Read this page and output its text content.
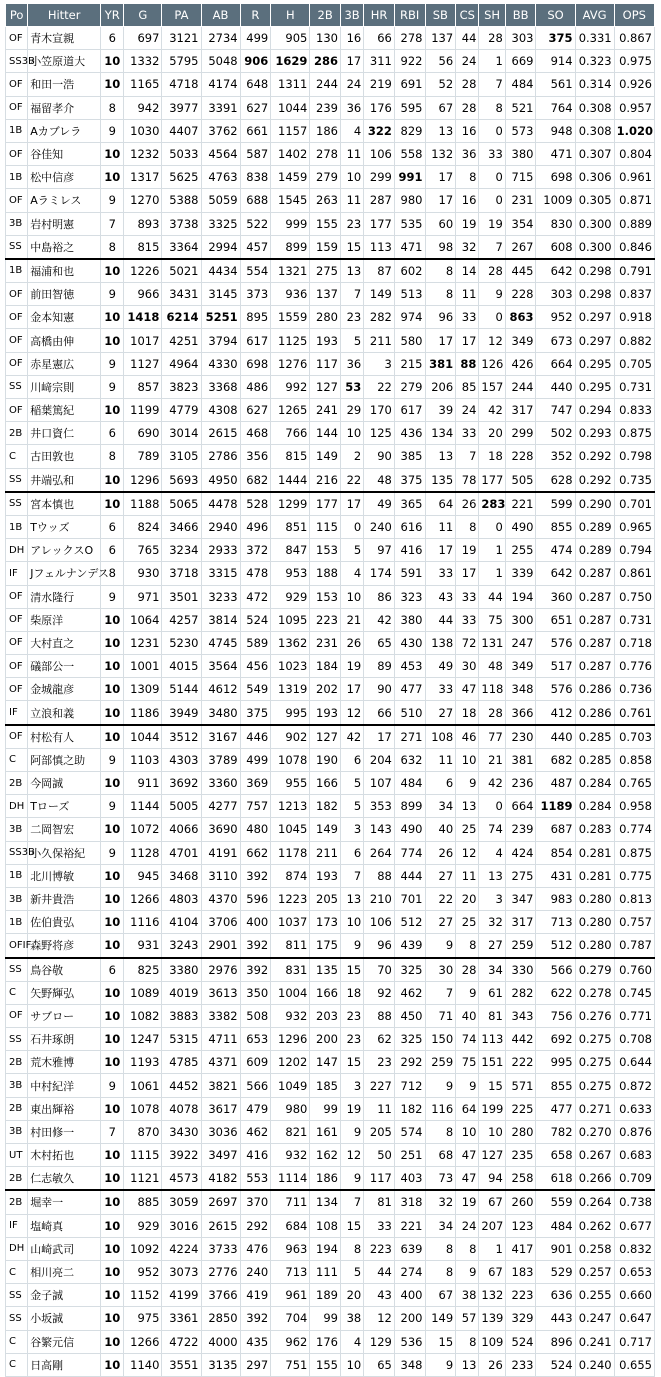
Po	Hitter	YR	G	PA	AB	R	H	2B	3B	HR	RBI	SB	CS	SH	BB	SO	AVG	OPS
OF	青木宣親	6	697	3121	2734	499	905	130	16	66	278	137	44	28	303	375	0.331	0.867
SS3B	小笠原道大	10	1332	5795	5048	906	1629	286	17	311	922	56	24	1	669	914	0.323	0.975
OF	和田一浩	10	1165	4718	4174	648	1311	244	24	219	691	52	28	7	484	561	0.314	0.926
OF	福留孝介	8	942	3977	3391	627	1044	239	36	176	595	67	28	8	521	764	0.308	0.957
1B	Aカブレラ	9	1030	4407	3762	661	1157	186	4	322	829	13	16	0	573	948	0.308	1.020
OF	谷佳知	10	1232	5033	4564	587	1402	278	11	106	558	132	36	33	380	471	0.307	0.804
1B	松中信彦	10	1317	5625	4763	838	1459	279	10	299	991	17	8	0	715	698	0.306	0.961
OF	Aラミレス	9	1270	5388	5059	688	1545	263	11	287	980	17	16	0	231	1009	0.305	0.871
3B	岩村明憲	7	893	3738	3325	522	999	155	23	177	535	60	19	19	354	830	0.300	0.889
SS	中島裕之	8	815	3364	2994	457	899	159	15	113	471	98	32	7	267	608	0.300	0.846
1B	福浦和也	10	1226	5021	4434	554	1321	275	13	87	602	8	14	28	445	642	0.298	0.791
OF	前田智徳	9	966	3431	3145	373	936	137	7	149	513	8	11	9	228	303	0.298	0.837
OF	金本知憲	10	1418	6214	5251	895	1559	280	23	282	974	96	33	0	863	952	0.297	0.918
OF	高橋由伸	10	1017	4251	3794	617	1125	193	5	211	580	17	17	12	349	673	0.297	0.882
OF	赤星憲広	9	1127	4964	4330	698	1276	117	36	3	215	381	88	126	426	664	0.295	0.705
SS	川﨑宗則	9	857	3823	3368	486	992	127	53	22	279	206	85	157	244	440	0.295	0.731
OF	稲葉篤紀	10	1199	4779	4308	627	1265	241	29	170	617	39	24	42	317	747	0.294	0.833
2B	井口資仁	6	690	3014	2615	468	766	144	10	125	436	134	33	20	299	502	0.293	0.875
C	古田敦也	8	789	3105	2786	356	815	149	2	90	385	13	7	18	228	352	0.292	0.798
SS	井端弘和	10	1296	5693	4950	682	1444	216	22	48	375	135	78	177	505	628	0.292	0.735
SS	宮本慎也	10	1188	5065	4478	528	1299	177	17	49	365	64	26	283	221	599	0.290	0.701
1B	Tウッズ	6	824	3466	2940	496	851	115	0	240	616	11	8	0	490	855	0.289	0.965
DH	アレックスO	6	765	3234	2933	372	847	153	5	97	416	17	19	1	255	474	0.289	0.794
IF	Jフェルナンデス	8	930	3718	3315	478	953	188	4	174	591	33	17	1	339	642	0.287	0.861
OF	清水隆行	9	971	3501	3233	472	929	153	10	86	323	43	33	44	194	360	0.287	0.750
OF	柴原洋	10	1064	4257	3814	524	1095	223	21	42	380	44	33	75	300	651	0.287	0.731
OF	大村直之	10	1231	5230	4745	589	1362	231	26	65	430	138	72	131	247	576	0.287	0.718
OF	礒部公一	10	1001	4015	3564	456	1023	184	19	89	453	49	30	48	349	517	0.287	0.776
OF	金城龍彦	10	1309	5144	4612	549	1319	202	17	90	477	33	47	118	348	576	0.286	0.736
IF	立浪和義	10	1186	3949	3480	375	995	193	12	66	510	27	18	28	366	412	0.286	0.761
OF	村松有人	10	1044	3512	3167	446	902	127	42	17	271	108	46	77	230	440	0.285	0.703
C	阿部慎之助	9	1103	4303	3789	499	1078	190	6	204	632	11	10	21	381	682	0.285	0.858
2B	今岡誠	10	911	3692	3360	369	955	166	5	107	484	6	9	42	236	487	0.284	0.765
DH	Tローズ	9	1144	5005	4277	757	1213	182	5	353	899	34	13	0	664	1189	0.284	0.958
3B	二岡智宏	10	1072	4066	3690	480	1045	149	3	143	490	40	25	74	239	687	0.283	0.774
SS3B	小久保裕紀	9	1128	4701	4191	662	1178	211	6	264	774	26	12	4	424	854	0.281	0.875
1B	北川博敏	10	945	3468	3110	392	874	193	7	88	444	27	11	13	275	431	0.281	0.775
3B	新井貴浩	10	1266	4803	4370	596	1223	205	13	210	701	22	20	3	347	983	0.280	0.813
1B	佐伯貴弘	10	1116	4104	3706	400	1037	173	10	106	512	27	25	32	317	713	0.280	0.757
OFIF	森野将彦	10	931	3243	2901	392	811	175	9	96	439	9	8	27	259	512	0.280	0.787
SS	鳥谷敬	6	825	3380	2976	392	831	135	15	70	325	30	28	34	330	566	0.279	0.760
C	矢野輝弘	10	1089	4019	3613	350	1004	166	18	92	462	7	9	61	282	622	0.278	0.745
OF	サブロー	10	1082	3883	3382	508	932	203	23	88	450	71	40	81	343	756	0.276	0.771
SS	石井琢朗	10	1247	5315	4711	653	1296	200	23	62	325	150	74	113	442	692	0.275	0.708
2B	荒木雅博	10	1193	4785	4371	609	1202	147	15	23	292	259	75	151	222	995	0.275	0.644
3B	中村紀洋	9	1061	4452	3821	566	1049	185	3	227	712	9	9	15	571	855	0.275	0.872
2B	東出輝裕	10	1078	4078	3617	479	980	99	19	11	182	116	64	199	225	477	0.271	0.633
3B	村田修一	7	870	3430	3036	462	821	161	9	205	574	8	10	10	280	782	0.270	0.876
UT	木村拓也	10	1115	3922	3497	416	932	162	12	50	251	68	47	127	235	658	0.267	0.683
2B	仁志敏久	10	1121	4573	4182	553	1114	186	9	117	403	73	47	94	258	618	0.266	0.709
2B	堀幸一	10	885	3059	2697	370	711	134	7	81	318	32	19	67	260	559	0.264	0.738
IF	塩崎真	10	929	3016	2615	292	684	108	15	33	221	34	24	207	123	484	0.262	0.677
DH	山崎武司	10	1092	4224	3733	476	963	194	8	223	639	8	8	1	417	901	0.258	0.832
C	相川亮二	10	952	3073	2776	240	713	111	5	44	274	8	9	67	183	529	0.257	0.653
SS	金子誠	10	1152	4199	3766	419	961	189	20	43	400	67	38	132	223	636	0.255	0.660
SS	小坂誠	10	975	3361	2850	392	704	99	38	12	200	149	57	139	329	443	0.247	0.647
C	谷繁元信	10	1266	4722	4000	435	962	176	4	129	536	15	8	109	524	896	0.241	0.717
C	日高剛	10	1140	3551	3135	297	751	155	10	65	348	9	13	26	233	524	0.240	0.655
